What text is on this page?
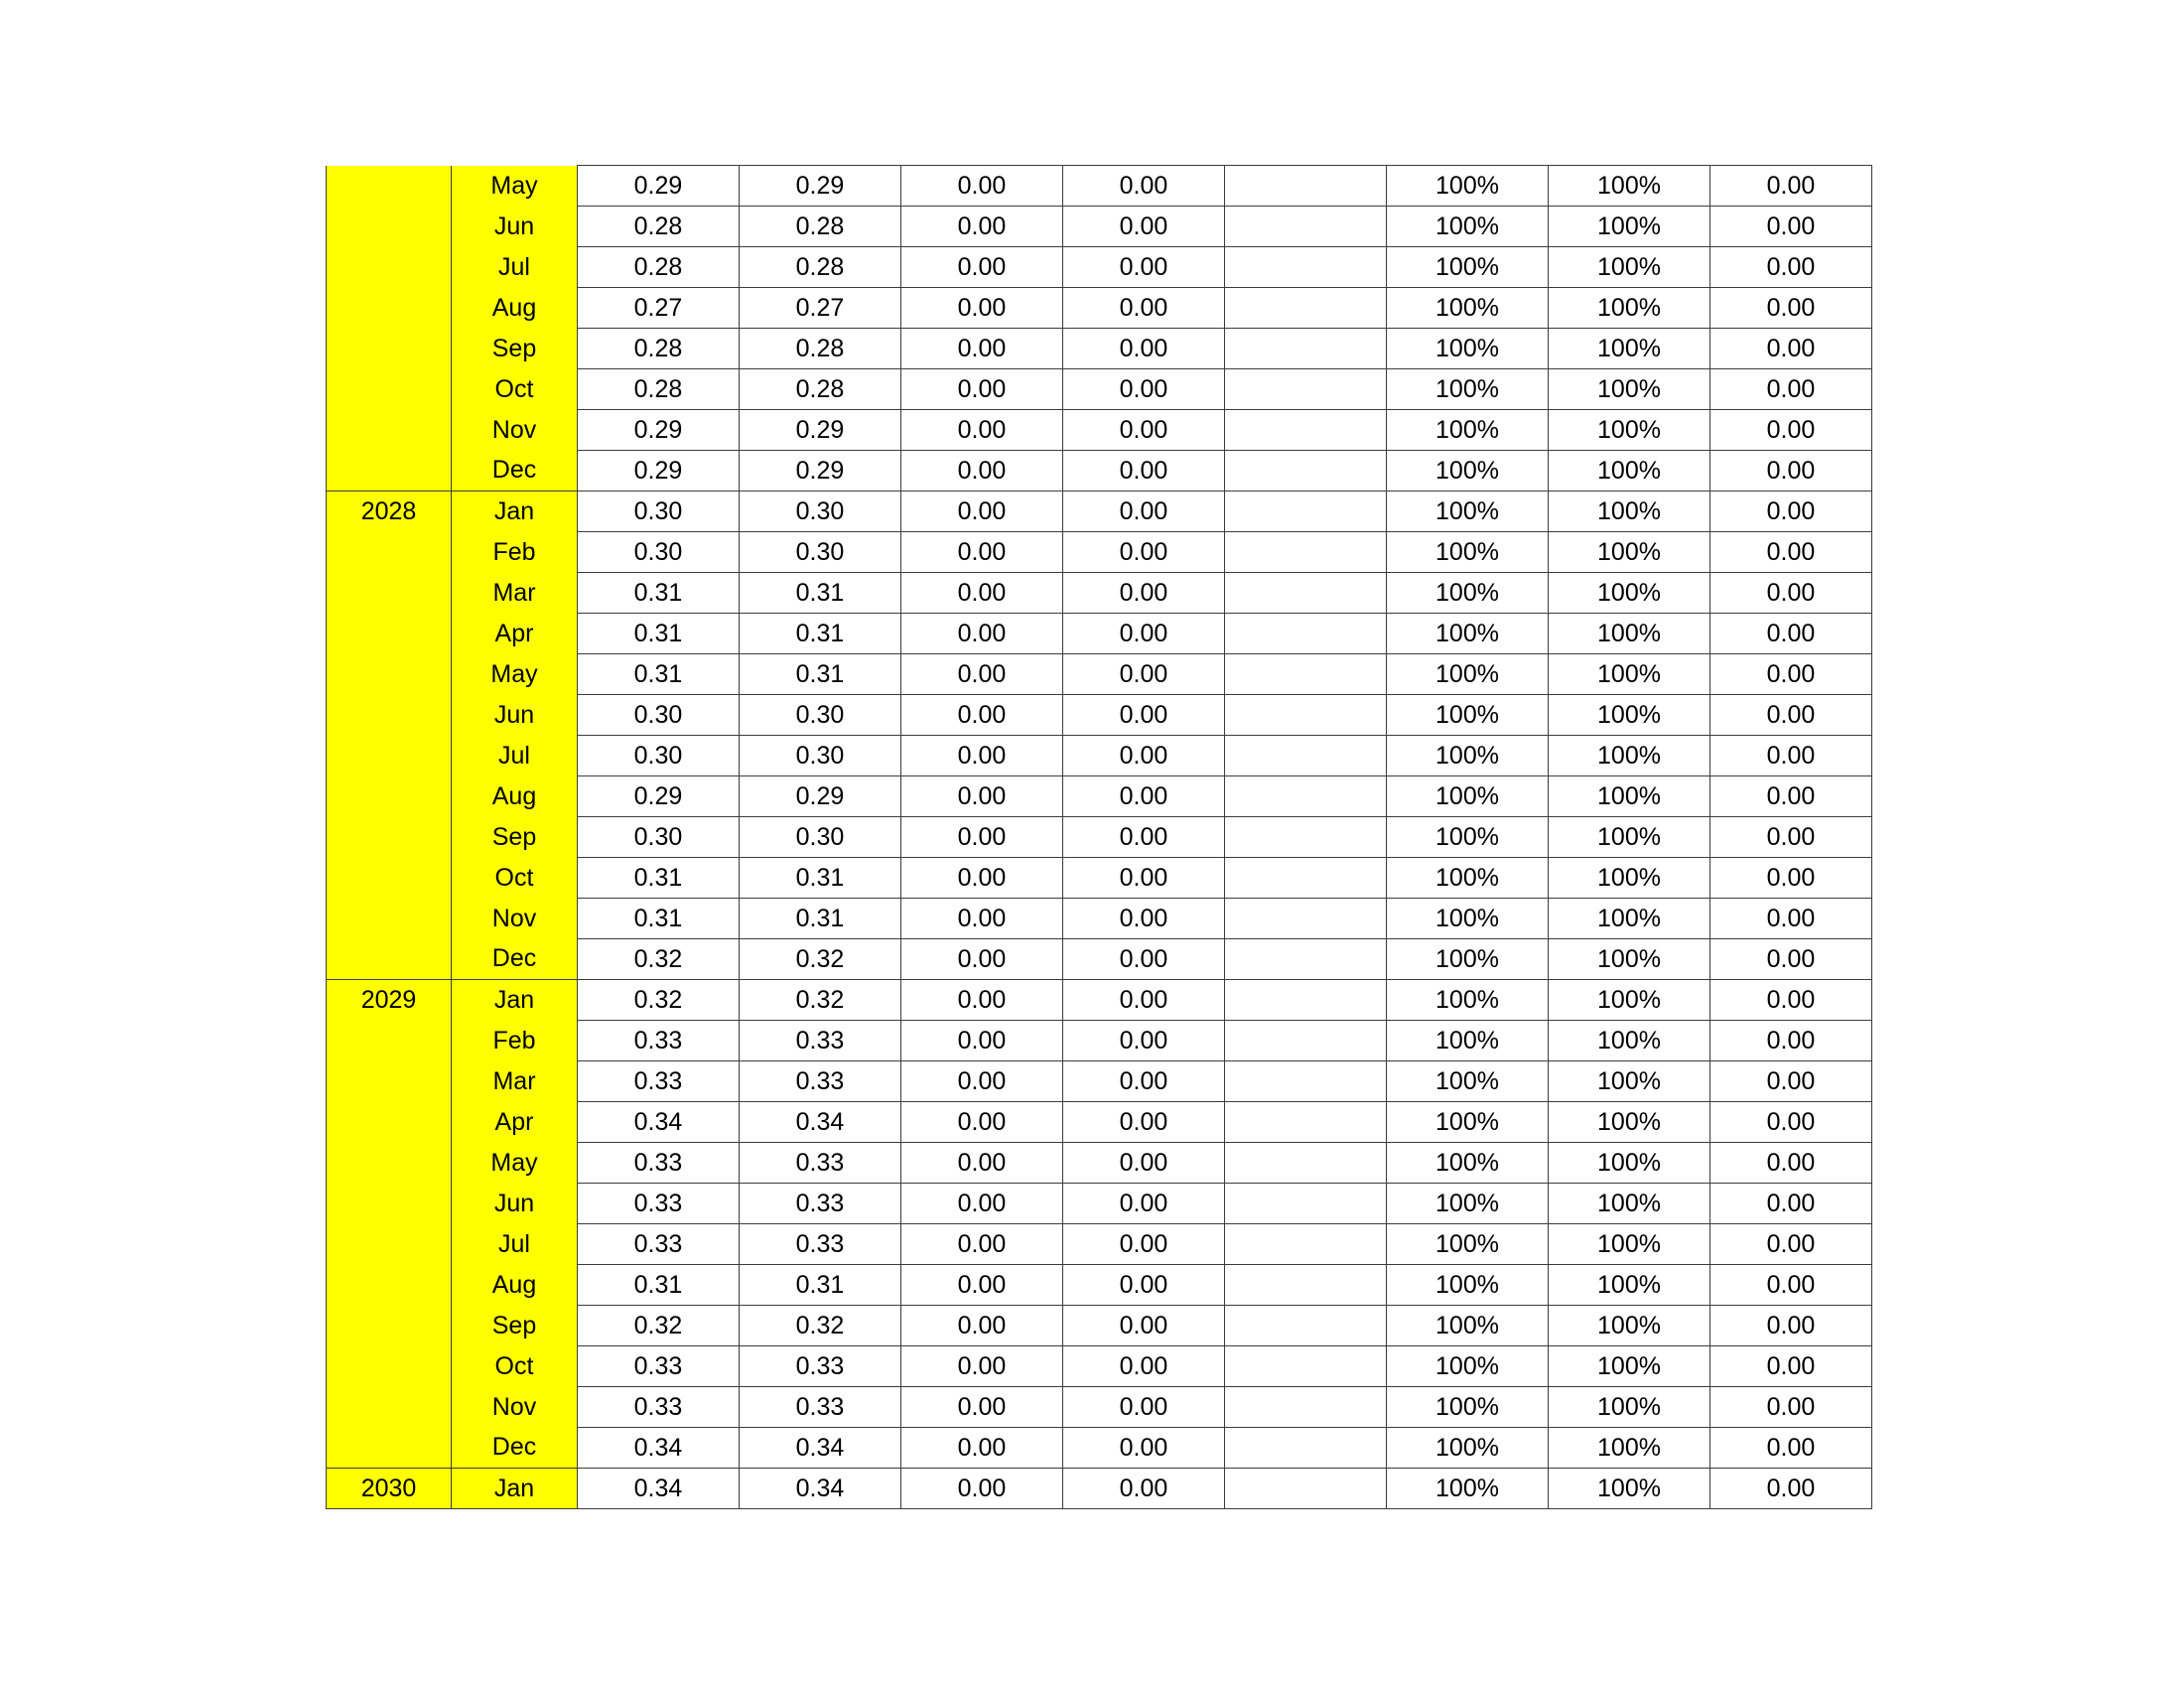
	May	0.29	0.29	0.00	0.00		100%	100%	0.00
	Jun	0.28	0.28	0.00	0.00		100%	100%	0.00
	Jul	0.28	0.28	0.00	0.00		100%	100%	0.00
	Aug	0.27	0.27	0.00	0.00		100%	100%	0.00
	Sep	0.28	0.28	0.00	0.00		100%	100%	0.00
	Oct	0.28	0.28	0.00	0.00		100%	100%	0.00
	Nov	0.29	0.29	0.00	0.00		100%	100%	0.00
	Dec	0.29	0.29	0.00	0.00		100%	100%	0.00
2028	Jan	0.30	0.30	0.00	0.00		100%	100%	0.00
	Feb	0.30	0.30	0.00	0.00		100%	100%	0.00
	Mar	0.31	0.31	0.00	0.00		100%	100%	0.00
	Apr	0.31	0.31	0.00	0.00		100%	100%	0.00
	May	0.31	0.31	0.00	0.00		100%	100%	0.00
	Jun	0.30	0.30	0.00	0.00		100%	100%	0.00
	Jul	0.30	0.30	0.00	0.00		100%	100%	0.00
	Aug	0.29	0.29	0.00	0.00		100%	100%	0.00
	Sep	0.30	0.30	0.00	0.00		100%	100%	0.00
	Oct	0.31	0.31	0.00	0.00		100%	100%	0.00
	Nov	0.31	0.31	0.00	0.00		100%	100%	0.00
	Dec	0.32	0.32	0.00	0.00		100%	100%	0.00
2029	Jan	0.32	0.32	0.00	0.00		100%	100%	0.00
	Feb	0.33	0.33	0.00	0.00		100%	100%	0.00
	Mar	0.33	0.33	0.00	0.00		100%	100%	0.00
	Apr	0.34	0.34	0.00	0.00		100%	100%	0.00
	May	0.33	0.33	0.00	0.00		100%	100%	0.00
	Jun	0.33	0.33	0.00	0.00		100%	100%	0.00
	Jul	0.33	0.33	0.00	0.00		100%	100%	0.00
	Aug	0.31	0.31	0.00	0.00		100%	100%	0.00
	Sep	0.32	0.32	0.00	0.00		100%	100%	0.00
	Oct	0.33	0.33	0.00	0.00		100%	100%	0.00
	Nov	0.33	0.33	0.00	0.00		100%	100%	0.00
	Dec	0.34	0.34	0.00	0.00		100%	100%	0.00
2030	Jan	0.34	0.34	0.00	0.00		100%	100%	0.00
